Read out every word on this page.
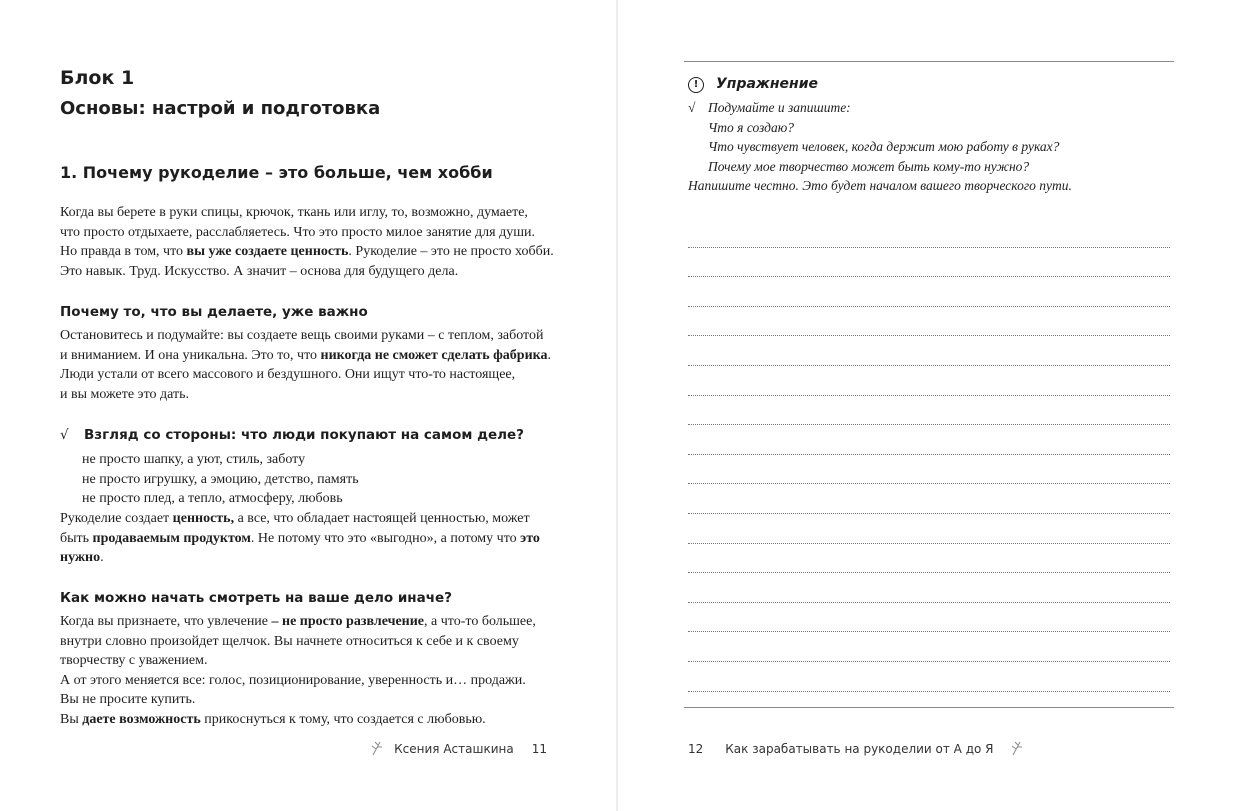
Блок 1
Основы: настрой и подготовка
1. Почему рукоделие – это больше, чем хобби

Когда вы берете в руки спицы, крючок, ткань или иглу, то, возможно, думаете,
что просто отдыхаете, расслабляетесь. Что это просто милое занятие для души.
Но правда в том, что вы уже создаете ценность. Рукоделие – это не просто хобби.
Это навык. Труд. Искусство. А значит – основа для будущего дела.

Почему то, что вы делаете, уже важно

Остановитесь и подумайте: вы создаете вещь своими руками – с теплом, заботой
и вниманием. И она уникальна. Это то, что никогда не сможет сделать фабрика.
Люди устали от всего массового и бездушного. Они ищут что-то настоящее,
и вы можете это дать.

√ Взгляд со стороны: что люди покупают на самом деле?
не просто шапку, а уют, стиль, заботу
не просто игрушку, а эмоцию, детство, память
не просто плед, а тепло, атмосферу, любовь

Рукоделие создает ценность, а все, что обладает настоящей ценностью, может
быть продаваемым продуктом. Не потому что это «выгодно», а потому что это
нужно.

Как можно начать смотреть на ваше дело иначе?

Когда вы признаете, что увлечение – не просто развлечение, а что-то большее,
внутри словно произойдет щелчок. Вы начнете относиться к себе и к своему
творчеству с уважением.
А от этого меняется все: голос, позиционирование, уверенность и… продажи.
Вы не просите купить.
Вы даете возможность прикоснуться к тому, что создается с любовью.

Ксения Асташкина 11
! Упражнение
√ Подумайте и запишите:
Что я создаю?
Что чувствует человек, когда держит мою работу в руках?
Почему мое творчество может быть кому-то нужно?
Напишите честно. Это будет началом вашего творческого пути.
12 Как зарабатывать на рукоделии от А до Я
